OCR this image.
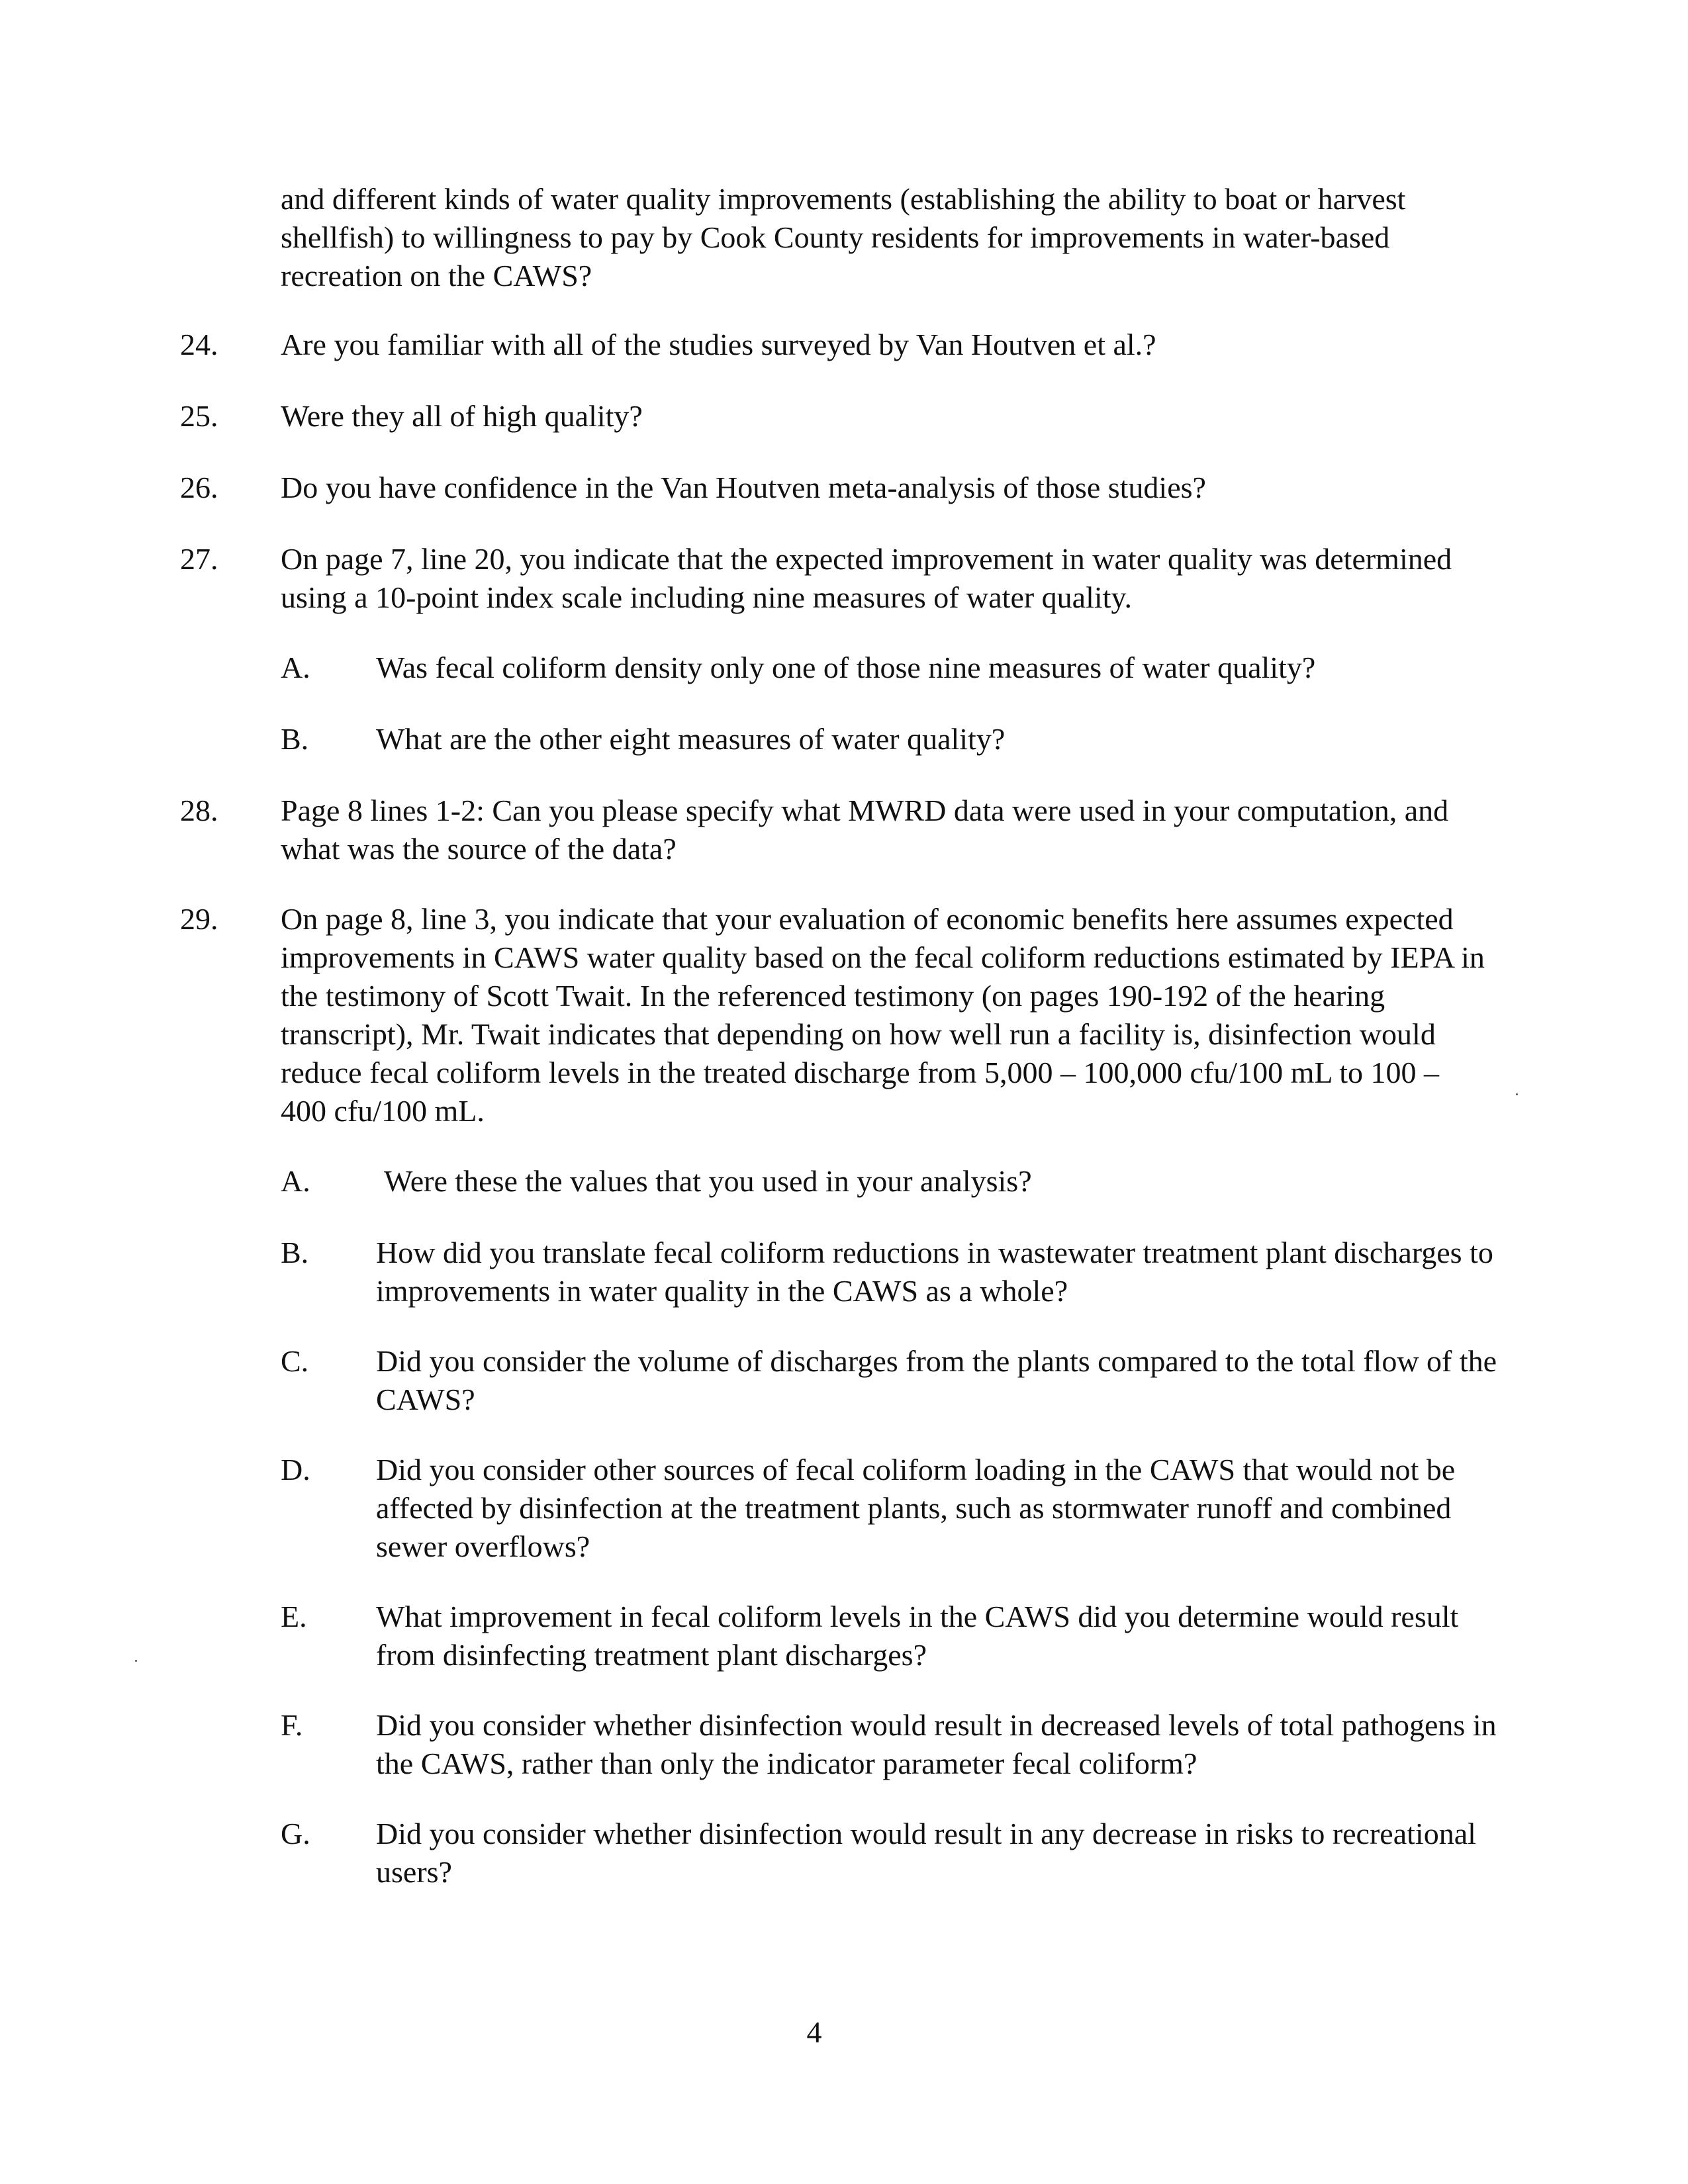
and different kinds of water quality improvements (establishing the ability to boat or harvest shellfish) to willingness to pay by Cook County residents for improvements in water-based recreation on the CAWS?

24. Are you familiar with all of the studies surveyed by Van Houtven et al.?

25. Were they all of high quality?

26. Do you have confidence in the Van Houtven meta-analysis of those studies?

27. On page 7, line 20, you indicate that the expected improvement in water quality was determined using a 10-point index scale including nine measures of water quality.

A. Was fecal coliform density only one of those nine measures of water quality?

B. What are the other eight measures of water quality?

28. Page 8 lines 1-2: Can you please specify what MWRD data were used in your computation, and what was the source of the data?

29. On page 8, line 3, you indicate that your evaluation of economic benefits here assumes expected improvements in CAWS water quality based on the fecal coliform reductions estimated by IEPA in the testimony of Scott Twait. In the referenced testimony (on pages 190-192 of the hearing transcript), Mr. Twait indicates that depending on how well run a facility is, disinfection would reduce fecal coliform levels in the treated discharge from 5,000 – 100,000 cfu/100 mL to 100 – 400 cfu/100 mL.

A. Were these the values that you used in your analysis?

B. How did you translate fecal coliform reductions in wastewater treatment plant discharges to improvements in water quality in the CAWS as a whole?

C. Did you consider the volume of discharges from the plants compared to the total flow of the CAWS?

D. Did you consider other sources of fecal coliform loading in the CAWS that would not be affected by disinfection at the treatment plants, such as stormwater runoff and combined sewer overflows?

E. What improvement in fecal coliform levels in the CAWS did you determine would result from disinfecting treatment plant discharges?

F. Did you consider whether disinfection would result in decreased levels of total pathogens in the CAWS, rather than only the indicator parameter fecal coliform?

G. Did you consider whether disinfection would result in any decrease in risks to recreational users?

4
